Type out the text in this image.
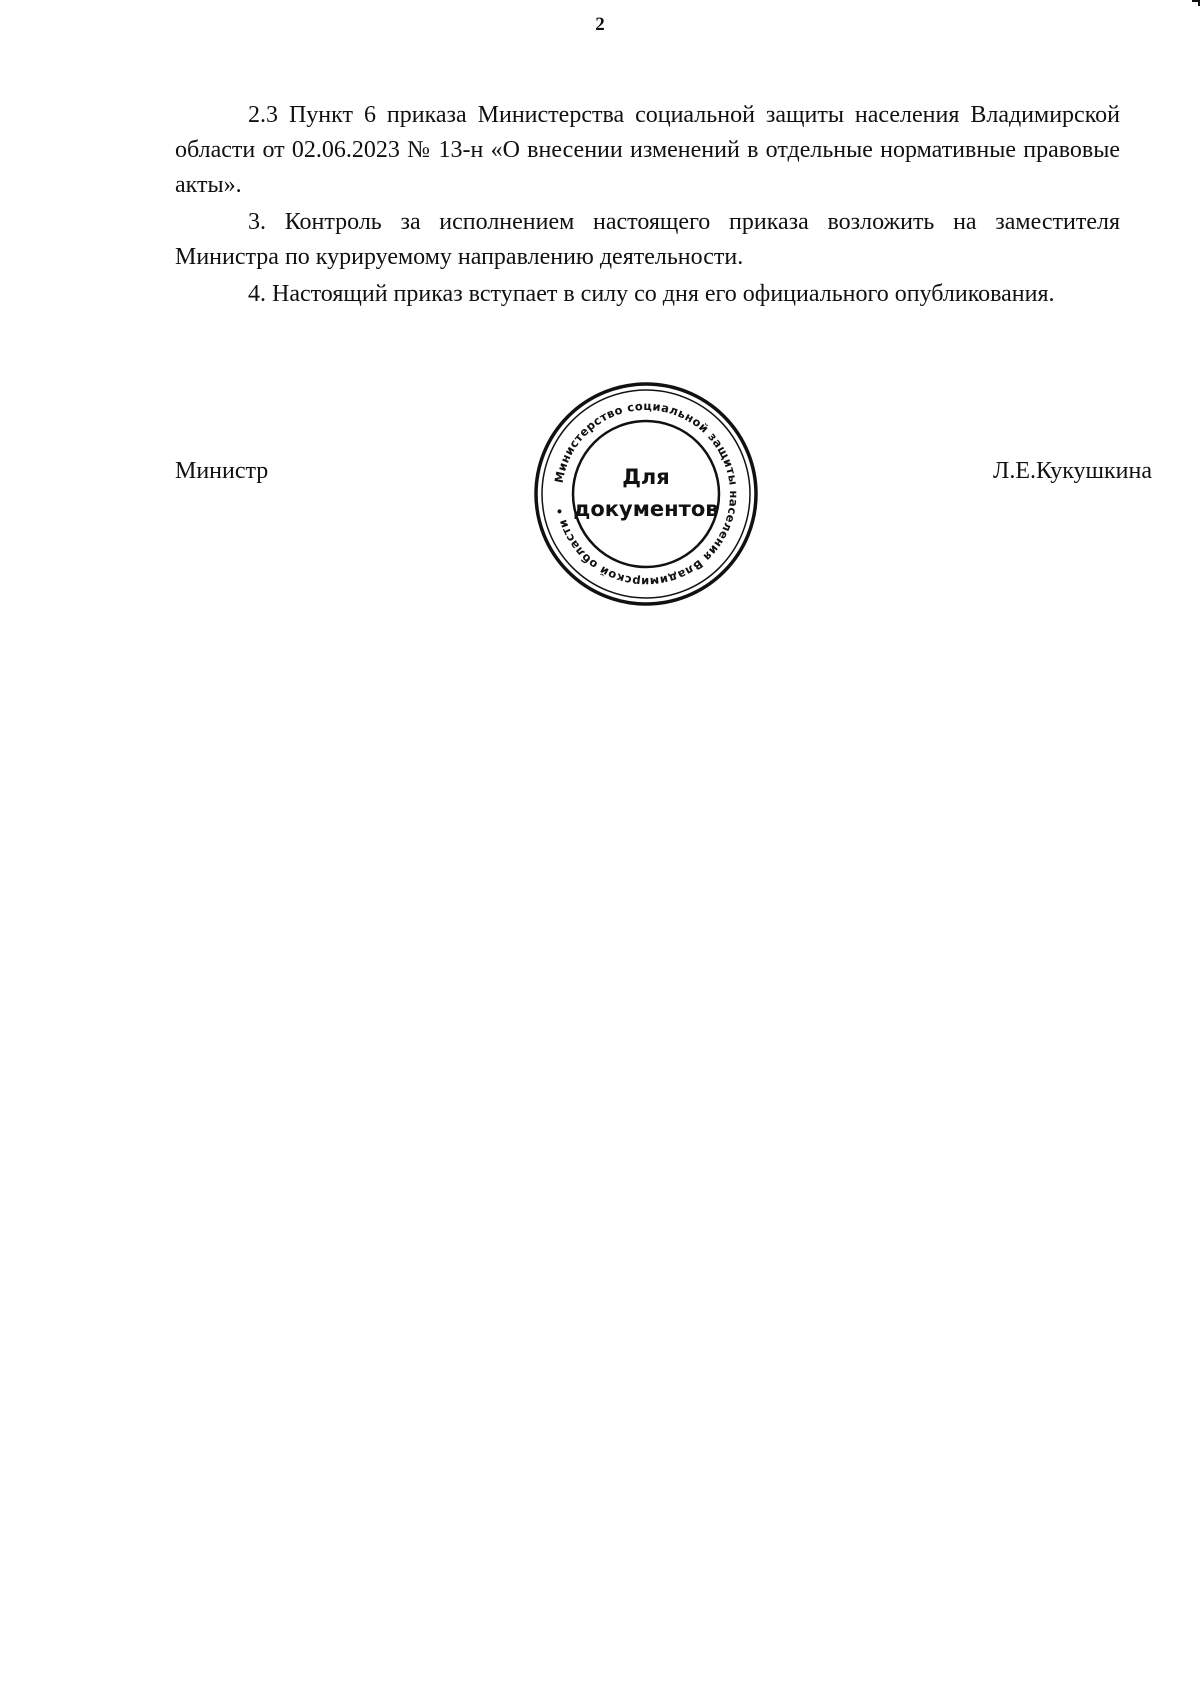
2

2.3 Пункт 6 приказа Министерства социальной защиты населения Владимирской области от 02.06.2023 № 13-н «О внесении изменений в отдельные нормативные правовые акты».

3. Контроль за исполнением настоящего приказа возложить на заместителя Министра по курируемому направлению деятельности.

4. Настоящий приказ вступает в силу со дня его официального опубликования.

Министр	Министерство социальной защиты населения Владимирской области •
Для
документов
Л.Е.Кукушкина
